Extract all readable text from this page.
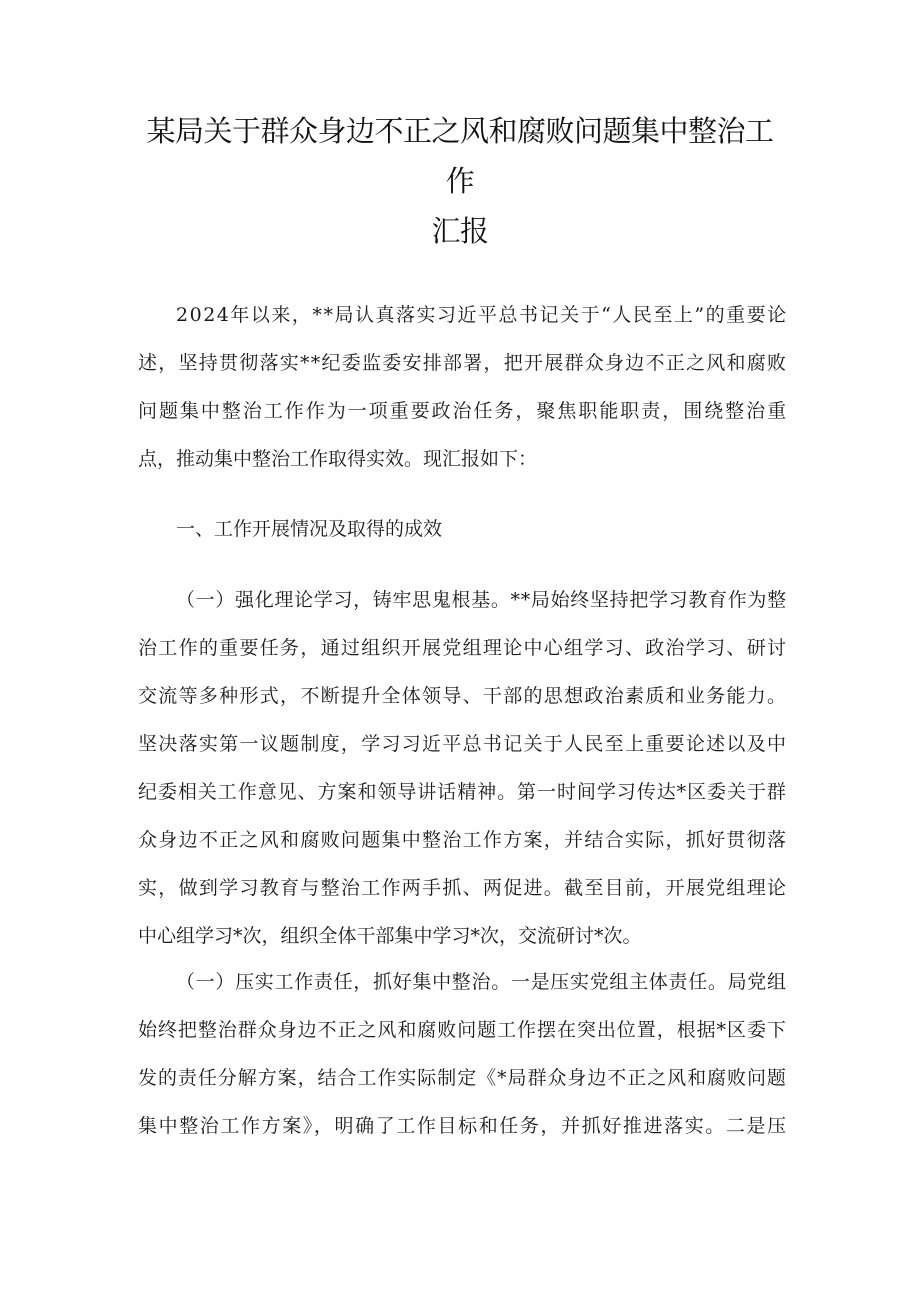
某局关于群众身边不正之风和腐败问题集中整治工作
汇报
2024年以来，**局认真落实习近平总书记关于“人民至上”的重要论
述，坚持贯彻落实**纪委监委安排部署，把开展群众身边不正之风和腐败
问题集中整治工作作为一项重要政治任务，聚焦职能职责，围绕整治重
点，推动集中整治工作取得实效。现汇报如下：
一、工作开展情况及取得的成效
（一）强化理论学习，铸牢思鬼根基。**局始终坚持把学习教育作为整
治工作的重要任务，通过组织开展党组理论中心组学习、政治学习、研讨
交流等多种形式，不断提升全体领导、干部的思想政治素质和业务能力。
坚决落实第一议题制度，学习习近平总书记关于人民至上重要论述以及中
纪委相关工作意见、方案和领导讲话精神。第一时间学习传达*区委关于群
众身边不正之风和腐败问题集中整治工作方案，并结合实际，抓好贯彻落
实，做到学习教育与整治工作两手抓、两促进。截至目前，开展党组理论
中心组学习*次，组织全体干部集中学习*次，交流研讨*次。
（一）压实工作责任，抓好集中整治。一是压实党组主体责任。局党组
始终把整治群众身边不正之风和腐败问题工作摆在突出位置，根据*区委下
发的责任分解方案，结合工作实际制定《*局群众身边不正之风和腐败问题
集中整治工作方案》，明确了工作目标和任务，并抓好推进落实。二是压
